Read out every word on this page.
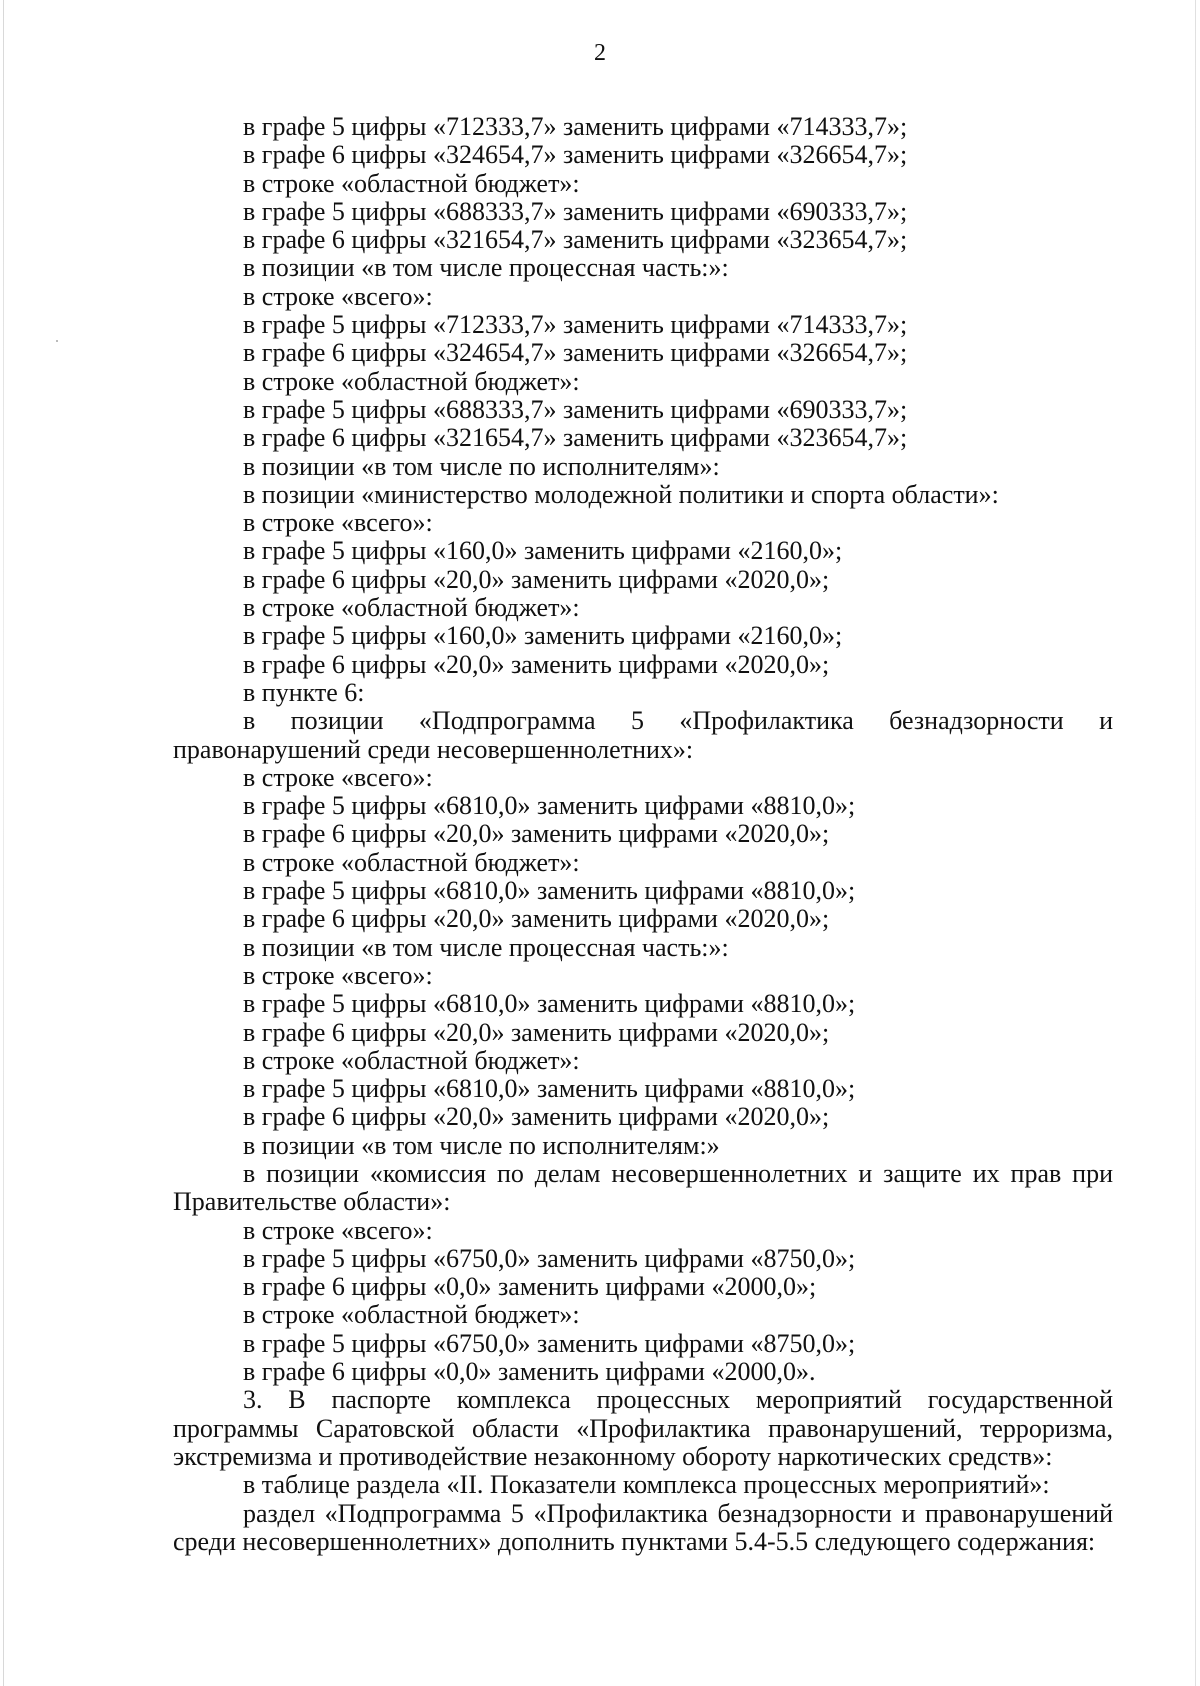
2
в графе 5 цифры «712333,7» заменить цифрами «714333,7»;
в графе 6 цифры «324654,7» заменить цифрами «326654,7»;
в строке «областной бюджет»:
в графе 5 цифры «688333,7» заменить цифрами «690333,7»;
в графе 6 цифры «321654,7» заменить цифрами «323654,7»;
в позиции «в том числе процессная часть:»:
в строке «всего»:
в графе 5 цифры «712333,7» заменить цифрами «714333,7»;
в графе 6 цифры «324654,7» заменить цифрами «326654,7»;
в строке «областной бюджет»:
в графе 5 цифры «688333,7» заменить цифрами «690333,7»;
в графе 6 цифры «321654,7» заменить цифрами «323654,7»;
в позиции «в том числе по исполнителям»:
в позиции «министерство молодежной политики и спорта области»:
в строке «всего»:
в графе 5 цифры «160,0» заменить цифрами «2160,0»;
в графе 6 цифры «20,0» заменить цифрами «2020,0»;
в строке «областной бюджет»:
в графе 5 цифры «160,0» заменить цифрами «2160,0»;
в графе 6 цифры «20,0» заменить цифрами «2020,0»;
в пункте 6:
в позиции «Подпрограмма 5 «Профилактика безнадзорности и правонарушений среди несовершеннолетних»:
в строке «всего»:
в графе 5 цифры «6810,0» заменить цифрами «8810,0»;
в графе 6 цифры «20,0» заменить цифрами «2020,0»;
в строке «областной бюджет»:
в графе 5 цифры «6810,0» заменить цифрами «8810,0»;
в графе 6 цифры «20,0» заменить цифрами «2020,0»;
в позиции «в том числе процессная часть:»:
в строке «всего»:
в графе 5 цифры «6810,0» заменить цифрами «8810,0»;
в графе 6 цифры «20,0» заменить цифрами «2020,0»;
в строке «областной бюджет»:
в графе 5 цифры «6810,0» заменить цифрами «8810,0»;
в графе 6 цифры «20,0» заменить цифрами «2020,0»;
в позиции «в том числе по исполнителям:»
в позиции «комиссия по делам несовершеннолетних и защите их прав при Правительстве области»:
в строке «всего»:
в графе 5 цифры «6750,0» заменить цифрами «8750,0»;
в графе 6 цифры «0,0» заменить цифрами «2000,0»;
в строке «областной бюджет»:
в графе 5 цифры «6750,0» заменить цифрами «8750,0»;
в графе 6 цифры «0,0» заменить цифрами «2000,0».
3. В паспорте комплекса процессных мероприятий государственной программы Саратовской области «Профилактика правонарушений, терроризма, экстремизма и противодействие незаконному обороту наркотических средств»:
в таблице раздела «II. Показатели комплекса процессных мероприятий»:
раздел «Подпрограмма 5 «Профилактика безнадзорности и правонарушений среди несовершеннолетних» дополнить пунктами 5.4-5.5 следующего содержания:
